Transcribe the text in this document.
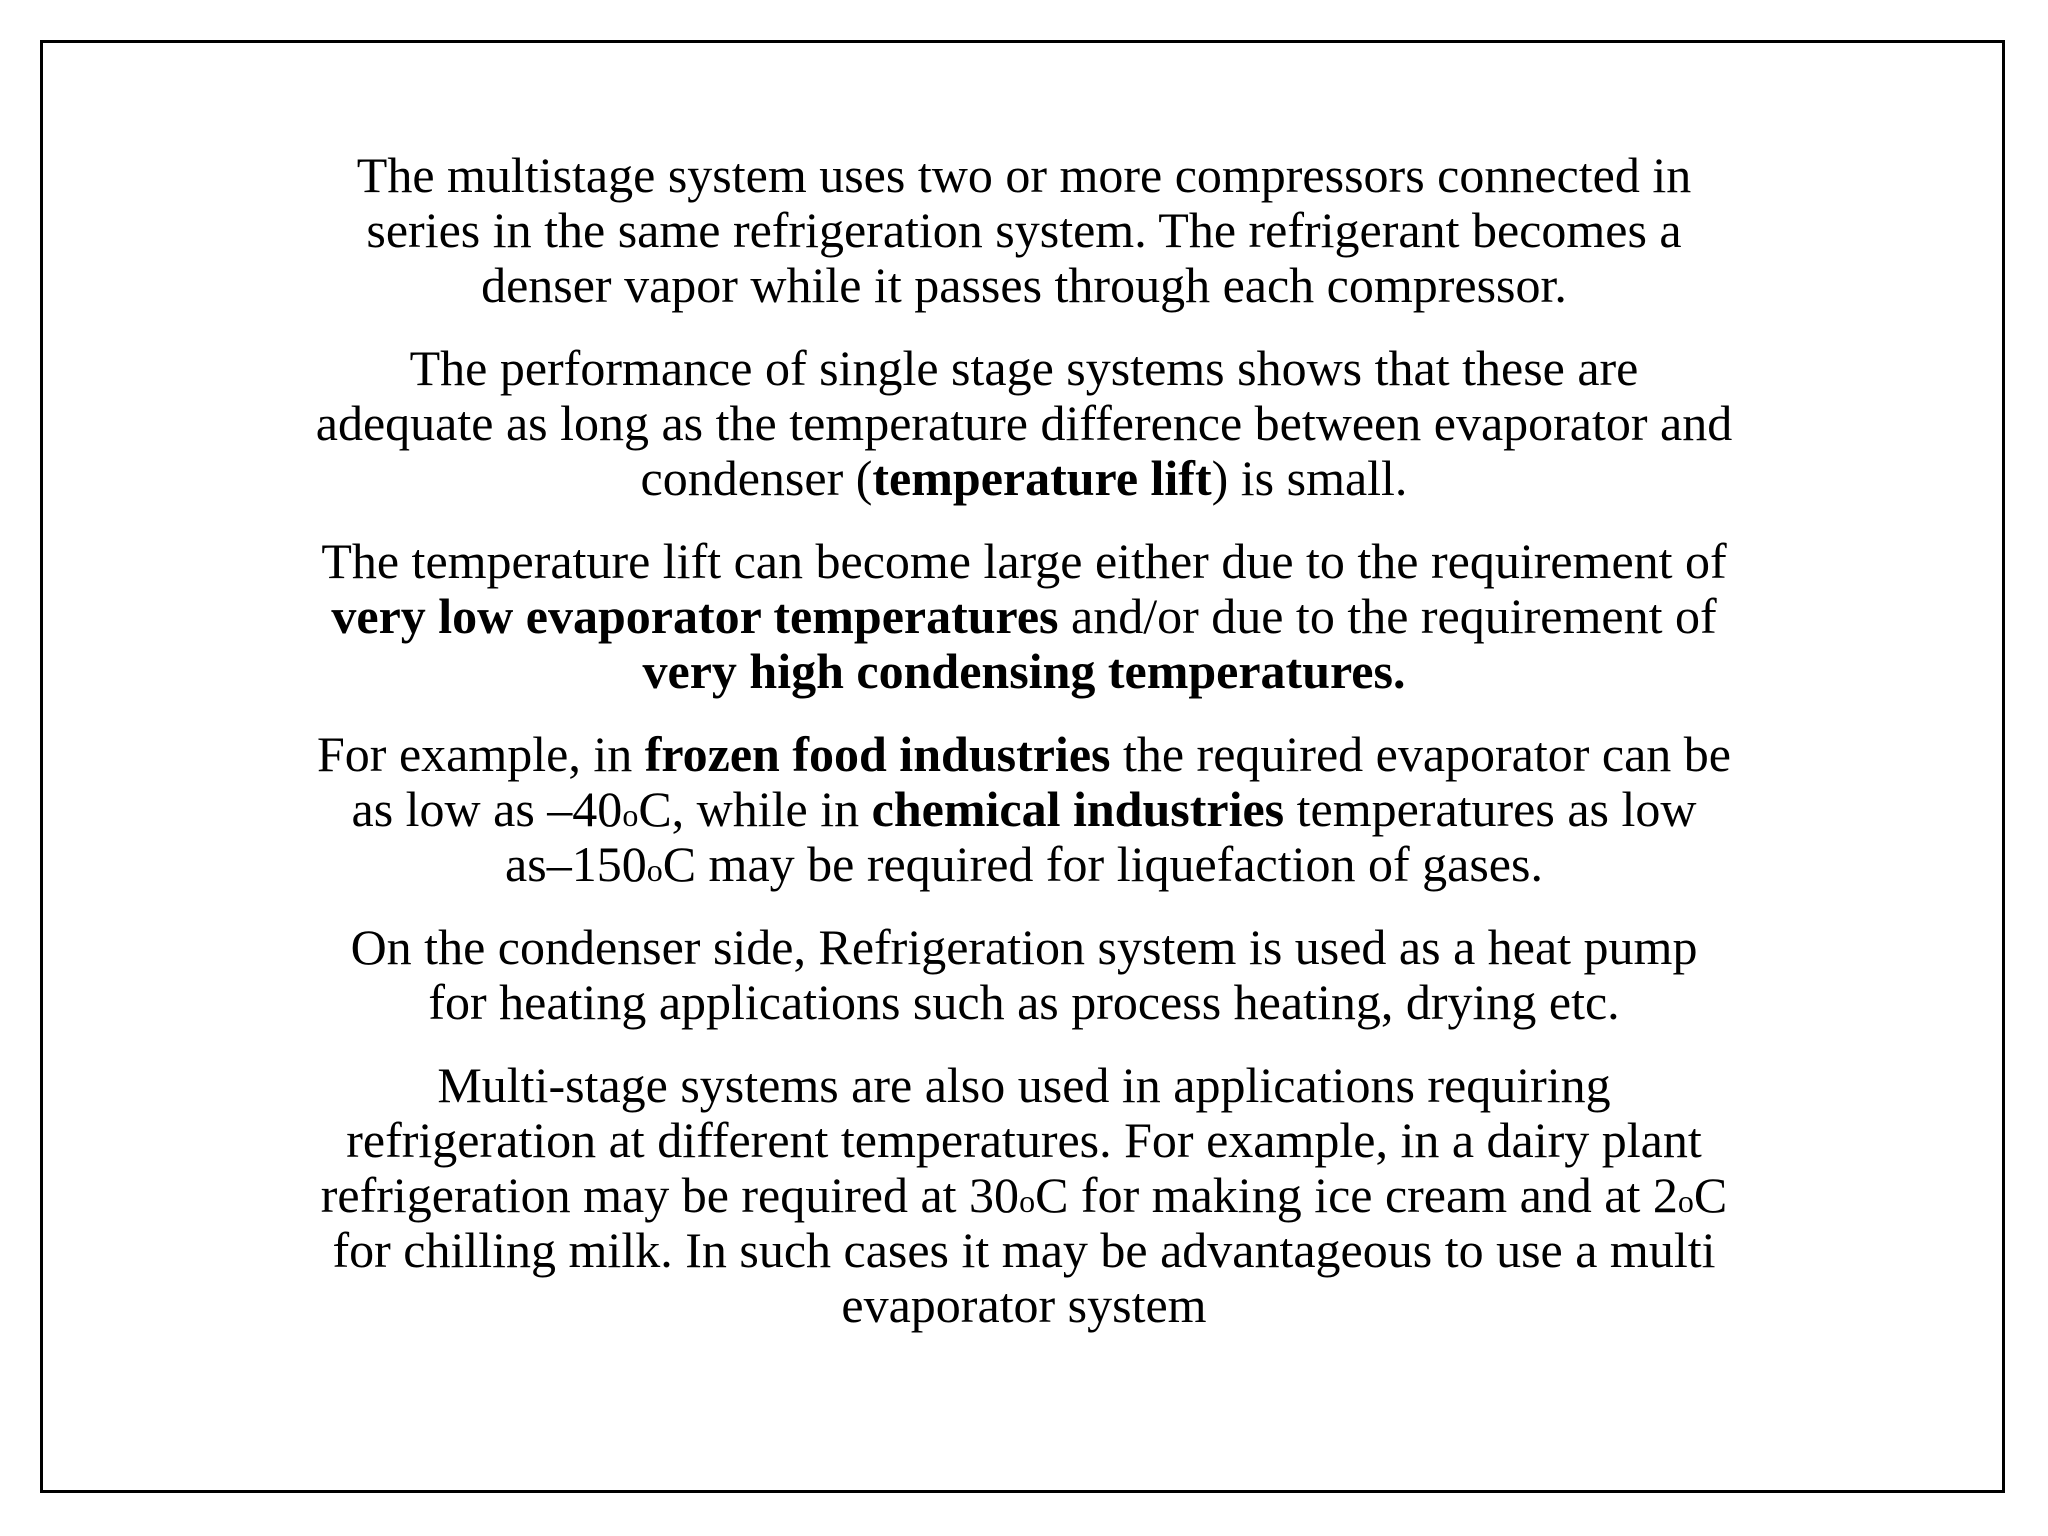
The multistage system uses two or more compressors connected in
series in the same refrigeration system. The refrigerant becomes a
denser vapor while it passes through each compressor.

The performance of single stage systems shows that these are
adequate as long as the temperature difference between evaporator and
condenser (temperature lift) is small.

The temperature lift can become large either due to the requirement of
very low evaporator temperatures and/or due to the requirement of
very high condensing temperatures.

For example, in frozen food industries the required evaporator can be
as low as –40$^o$C, while in chemical industries temperatures as low
as–150$^o$C may be required for liquefaction of gases.

On the condenser side, Refrigeration system is used as a heat pump
for heating applications such as process heating, drying etc.

Multi-stage systems are also used in applications requiring
refrigeration at different temperatures. For example, in a dairy plant
refrigeration may be required at 30$^o$C for making ice cream and at 2$^o$C
for chilling milk. In such cases it may be advantageous to use a multi
evaporator system
